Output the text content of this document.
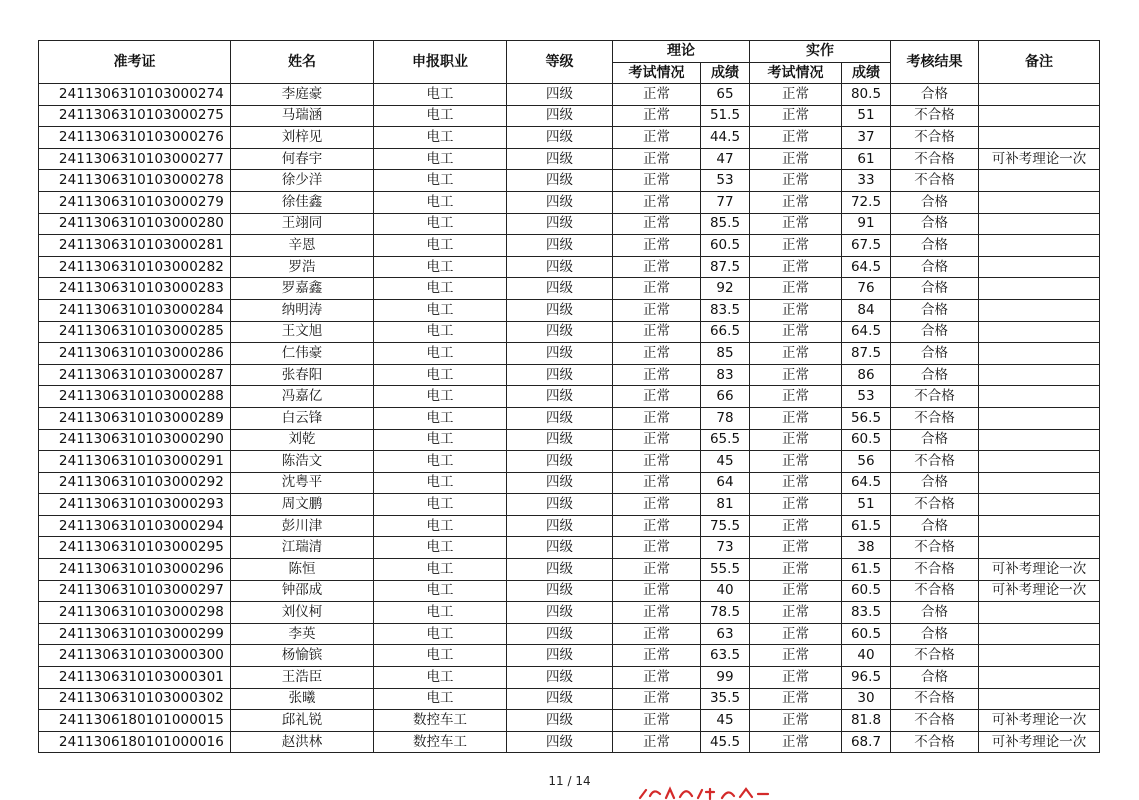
准考证	姓名	申报职业	等级	理论		实作		考核结果	备注
				考试情况	成绩	考试情况	成绩		
2411306310103000274	李庭豪	电工	四级	正常	65	正常	80.5	合格	
2411306310103000275	马瑞涵	电工	四级	正常	51.5	正常	51	不合格	
2411306310103000276	刘梓见	电工	四级	正常	44.5	正常	37	不合格	
2411306310103000277	何春宇	电工	四级	正常	47	正常	61	不合格	可补考理论一次
2411306310103000278	徐少洋	电工	四级	正常	53	正常	33	不合格	
2411306310103000279	徐佳鑫	电工	四级	正常	77	正常	72.5	合格	
2411306310103000280	王翊同	电工	四级	正常	85.5	正常	91	合格	
2411306310103000281	辛恩	电工	四级	正常	60.5	正常	67.5	合格	
2411306310103000282	罗浩	电工	四级	正常	87.5	正常	64.5	合格	
2411306310103000283	罗嘉鑫	电工	四级	正常	92	正常	76	合格	
2411306310103000284	纳明涛	电工	四级	正常	83.5	正常	84	合格	
2411306310103000285	王文旭	电工	四级	正常	66.5	正常	64.5	合格	
2411306310103000286	仁伟豪	电工	四级	正常	85	正常	87.5	合格	
2411306310103000287	张春阳	电工	四级	正常	83	正常	86	合格	
2411306310103000288	冯嘉亿	电工	四级	正常	66	正常	53	不合格	
2411306310103000289	白云锋	电工	四级	正常	78	正常	56.5	不合格	
2411306310103000290	刘乾	电工	四级	正常	65.5	正常	60.5	合格	
2411306310103000291	陈浩文	电工	四级	正常	45	正常	56	不合格	
2411306310103000292	沈粤平	电工	四级	正常	64	正常	64.5	合格	
2411306310103000293	周文鹏	电工	四级	正常	81	正常	51	不合格	
2411306310103000294	彭川津	电工	四级	正常	75.5	正常	61.5	合格	
2411306310103000295	江瑞清	电工	四级	正常	73	正常	38	不合格	
2411306310103000296	陈恒	电工	四级	正常	55.5	正常	61.5	不合格	可补考理论一次
2411306310103000297	钟邵成	电工	四级	正常	40	正常	60.5	不合格	可补考理论一次
2411306310103000298	刘仪柯	电工	四级	正常	78.5	正常	83.5	合格	
2411306310103000299	李英	电工	四级	正常	63	正常	60.5	合格	
2411306310103000300	杨愉镔	电工	四级	正常	63.5	正常	40	不合格	
2411306310103000301	王浩臣	电工	四级	正常	99	正常	96.5	合格	
2411306310103000302	张曦	电工	四级	正常	35.5	正常	30	不合格	
2411306180101000015	邱礼锐	数控车工	四级	正常	45	正常	81.8	不合格	可补考理论一次
2411306180101000016	赵洪林	数控车工	四级	正常	45.5	正常	68.7	不合格	可补考理论一次
11 / 14
